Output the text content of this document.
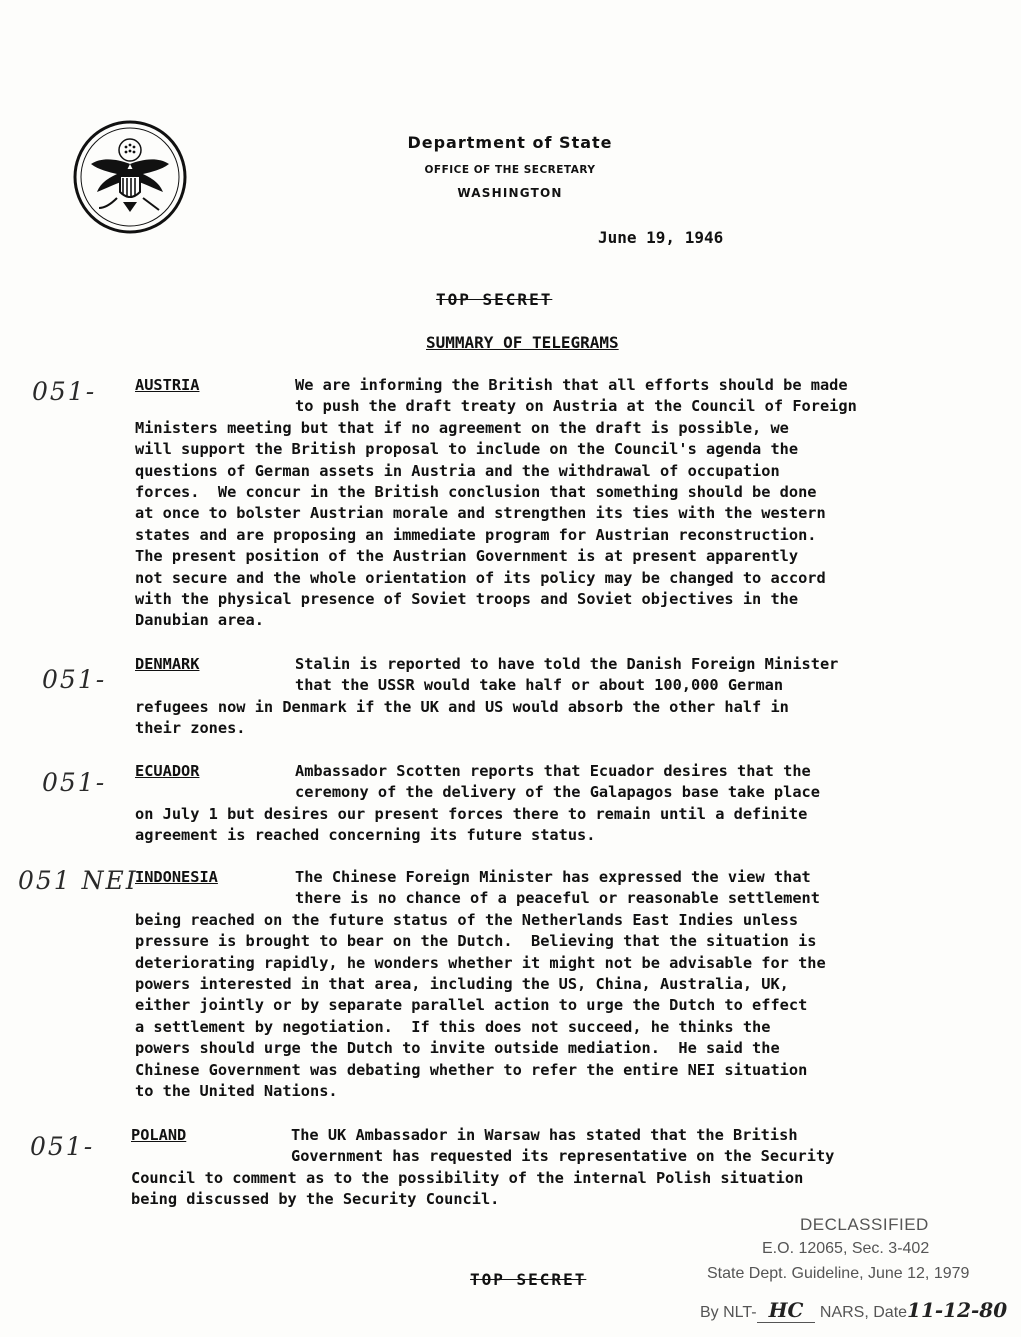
Department of State
OFFICE OF THE SECRETARY
WASHINGTON
June 19, 1946
TOP SECRET
SUMMARY OF TELEGRAMS
051-	AUSTRIA	We are informing the British that all efforts should be made
to push the draft treaty on Austria at the Council of Foreign
Ministers meeting but that if no agreement on the draft is possible, we
will support the British proposal to include on the Council's agenda the
questions of German assets in Austria and the withdrawal of occupation
forces.  We concur in the British conclusion that something should be done
at once to bolster Austrian morale and strengthen its ties with the western
states and are proposing an immediate program for Austrian reconstruction.
The present position of the Austrian Government is at present apparently
not secure and the whole orientation of its policy may be changed to accord
with the physical presence of Soviet troops and Soviet objectives in the
Danubian area.
051-
DENMARK	Stalin is reported to have told the Danish Foreign Minister
that the USSR would take half or about 100,000 German
refugees now in Denmark if the UK and US would absorb the other half in
their zones.
051- ECUADOR	Ambassador Scotten reports that Ecuador desires that the
ceremony of the delivery of the Galapagos base take place
on July 1 but desires our present forces there to remain until a definite
agreement is reached concerning its future status.
051 NEI
INDONESIA	The Chinese Foreign Minister has expressed the view that
there is no chance of a peaceful or reasonable settlement
being reached on the future status of the Netherlands East Indies unless
pressure is brought to bear on the Dutch.  Believing that the situation is
deteriorating rapidly, he wonders whether it might not be advisable for the
powers interested in that area, including the US, China, Australia, UK,
either jointly or by separate parallel action to urge the Dutch to effect
a settlement by negotiation.  If this does not succeed, he thinks the
powers should urge the Dutch to invite outside mediation.  He said the
Chinese Government was debating whether to refer the entire NEI situation
to the United Nations.
051- POLAND	The UK Ambassador in Warsaw has stated that the British
Government has requested its representative on the Security
Council to comment as to the possibility of the internal Polish situation
being discussed by the Security Council.
DECLASSIFIED
E.O. 12065, Sec. 3-402
State Dept. Guideline, June 12, 1979
By NLT- HC NARS, Date11-12-80
TOP SECRET
